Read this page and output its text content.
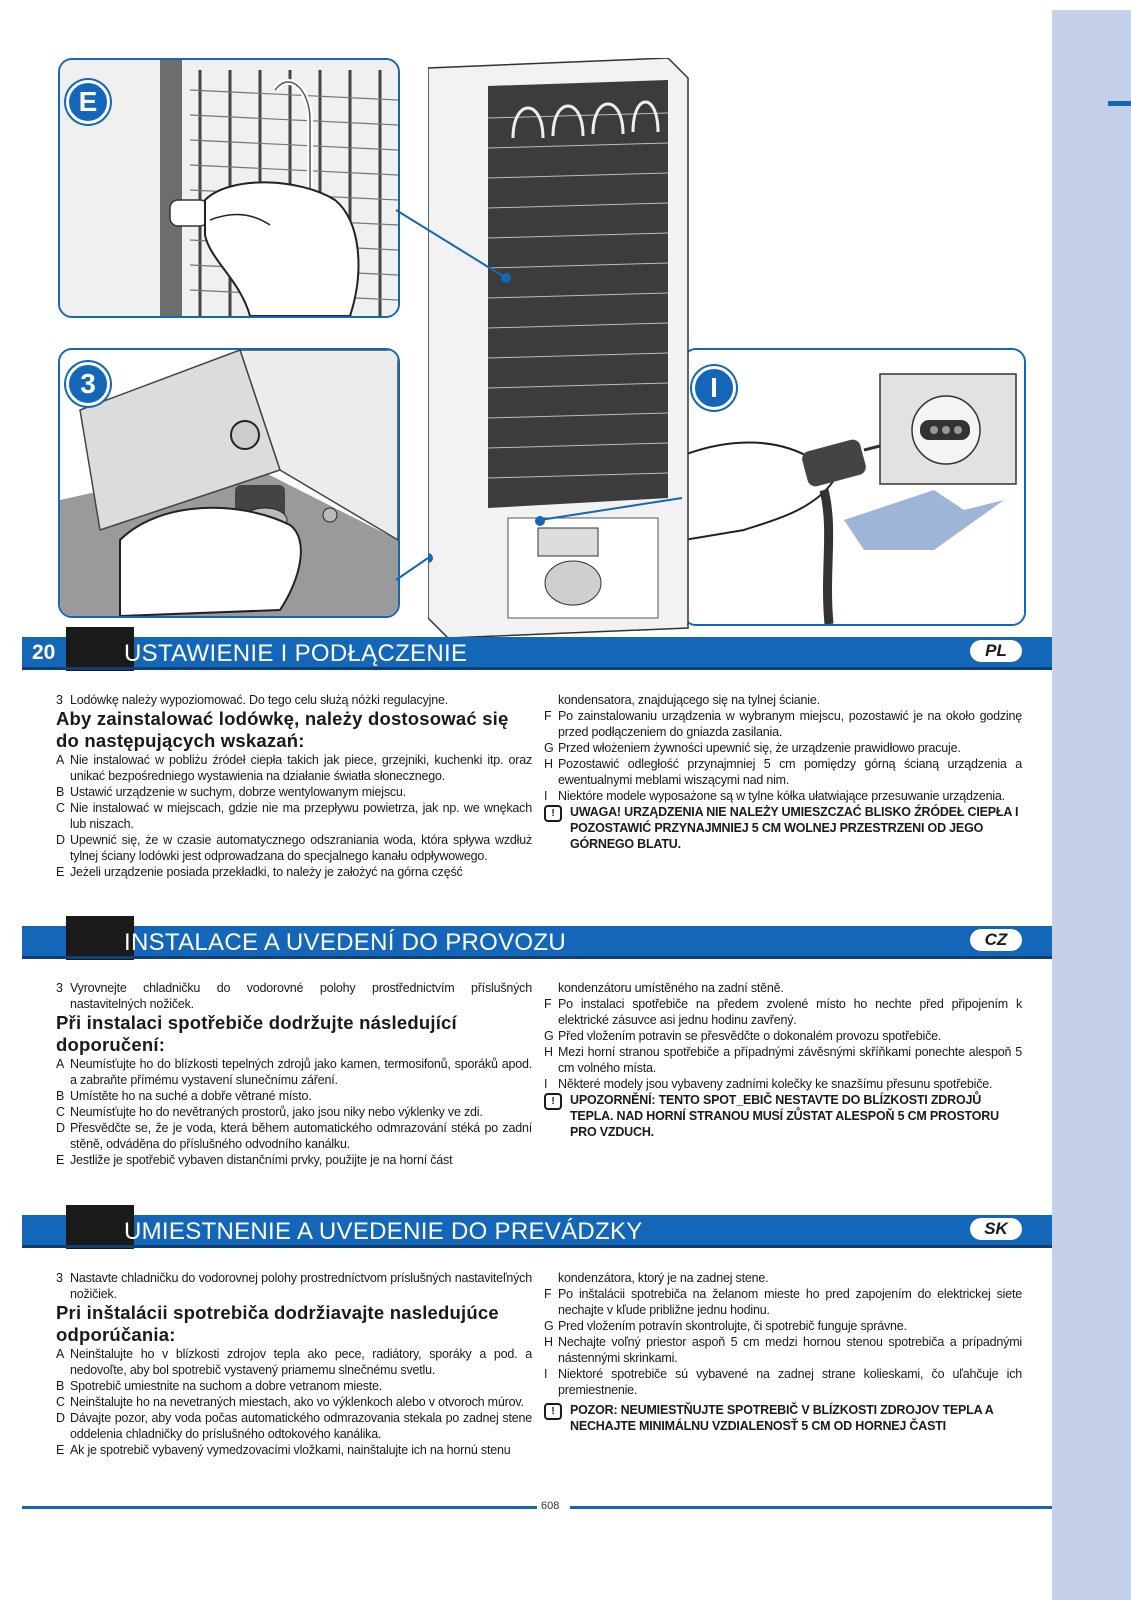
E
3	I
20	USTAWIENIE I PODŁĄCZENIE	PL

3 Lodówkę należy wypoziomować. Do tego celu służą nóżki regulacyjne.

Aby zainstalować lodówkę, należy dostosować się do następujących wskazań:

A Nie instalować w pobliżu źródeł ciepła takich jak piece, grzejniki, kuchenki itp. oraz unikać bezpośredniego wystawienia na działanie światła słonecznego.

B Ustawić urządzenie w suchym, dobrze wentylowanym miejscu.

C Nie instalować w miejscach, gdzie nie ma przepływu powietrza, jak np. we wnękach lub niszach.

D Upewnić się, że w czasie automatycznego odszraniania woda, która spływa wzdłuż tylnej ściany lodówki jest odprowadzana do specjalnego kanału odpływowego.

E Jeżeli urządzenie posiada przekładki, to należy je założyć na górna część

kondensatora, znajdującego się na tylnej ścianie.

F Po zainstalowaniu urządzenia w wybranym miejscu, pozostawić je na około godzinę przed podłączeniem do gniazda zasilania.

G Przed włożeniem żywności upewnić się, że urządzenie prawidłowo pracuje.

H Pozostawić odległość przynajmniej 5 cm pomiędzy górną ścianą urządzenia a ewentualnymi meblami wiszącymi nad nim.

I Niektóre modele wyposażone są w tylne kółka ułatwiające przesuwanie urządzenia.

!	UWAGA! URZĄDZENIA NIE NALEŻY UMIESZCZAĆ BLISKO ŹRÓDEŁ CIEPŁA I POZOSTAWIĆ PRZYNAJMNIEJ 5 CM WOLNEJ PRZESTRZENI OD JEGO GÓRNEGO BLATU.

INSTALACE A UVEDENÍ DO PROVOZU	CZ

3 Vyrovnejte chladničku do vodorovné polohy prostřednictvím příslušných nastavitelných nožiček.

Při instalaci spotřebiče dodržujte následující doporučení:

A Neumísťujte ho do blízkosti tepelných zdrojů jako kamen, termosifonů, sporáků apod. a zabraňte přímému vystavení slunečnímu záření.

B Umístěte ho na suché a dobře větrané místo.

C Neumísťujte ho do nevětraných prostorů, jako jsou niky nebo výklenky ve zdi.

D Přesvědčte se, že je voda, která během automatického odmrazování stéká po zadní stěně, odváděna do příslušného odvodního kanálku.

E Jestliže je spotřebič vybaven distančními prvky, použijte je na horní část

kondenzátoru umístěného na zadní stěně.

F Po instalaci spotřebiče na předem zvolené místo ho nechte před připojením k elektrické zásuvce asi jednu hodinu zavřený.

G Před vložením potravin se přesvědčte o dokonalém provozu spotřebiče.

H Mezi horní stranou spotřebiče a případnými závěsnými skříňkami ponechte alespoň 5 cm volného místa.

I Některé modely jsou vybaveny zadními kolečky ke snazšímu přesunu spotřebiče.

!	UPOZORNĚNÍ: TENTO SPOT_EBIČ NESTAVTE DO BLÍZKOSTI ZDROJŮ TEPLA. NAD HORNÍ STRANOU MUSÍ ZŮSTAT ALESPOŇ 5 CM PROSTORU PRO VZDUCH.

UMIESTNENIE A UVEDENIE DO PREVÁDZKY	SK

3 Nastavte chladničku do vodorovnej polohy prostredníctvom príslušných nastaviteľných nožičiek.

Pri inštalácii spotrebiča dodržiavajte nasledujúce odporúčania:

A Neinštalujte ho v blízkosti zdrojov tepla ako pece, radiátory, sporáky a pod. a nedovoľte, aby bol spotrebič vystavený priamemu slnečnému svetlu.

B Spotrebič umiestnite na suchom a dobre vetranom mieste.

C Neinštalujte ho na nevetraných miestach, ako vo výklenkoch alebo v otvoroch múrov.

D Dávajte pozor, aby voda počas automatického odmrazovania stekala po zadnej stene oddelenia chladničky do príslušného odtokového kanálika.

E Ak je spotrebič vybavený vymedzovacími vložkami, nainštalujte ich na hornú stenu

kondenzátora, ktorý je na zadnej stene.

F Po inštalácii spotrebiča na želanom mieste ho pred zapojením do elektrickej siete nechajte v kľude približne jednu hodinu.

G Pred vložením potravín skontrolujte, či spotrebič funguje správne.

H Nechajte voľný priestor aspoň 5 cm medzi hornou stenou spotrebiča a prípadnými nástennými skrinkami.

I Niektoré spotrebiče sú vybavené na zadnej strane kolieskami, čo uľahčuje ich premiestnenie.

!	POZOR: NEUMIESTŇUJTE SPOTREBIČ V BLÍZKOSTI ZDROJOV TEPLA A NECHAJTE MINIMÁLNU VZDIALENOSŤ 5 CM OD HORNEJ ČASTI

608
